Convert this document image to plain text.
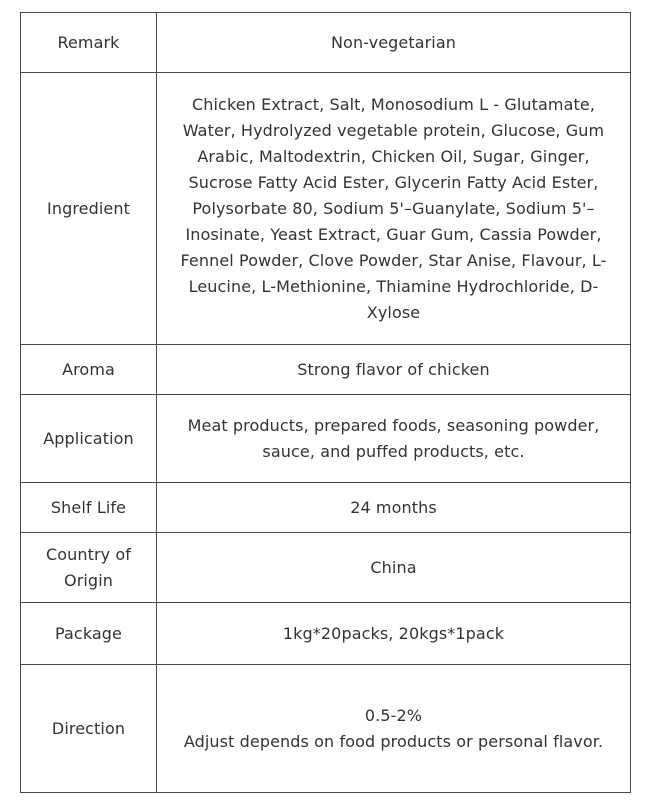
Remark	Non-vegetarian
Ingredient	Chicken Extract, Salt, Monosodium L - Glutamate, Water, Hydrolyzed vegetable protein, Glucose, Gum Arabic, Maltodextrin, Chicken Oil, Sugar, Ginger, Sucrose Fatty Acid Ester, Glycerin Fatty Acid Ester, Polysorbate 80, Sodium 5'–Guanylate, Sodium 5'–Inosinate, Yeast Extract, Guar Gum, Cassia Powder, Fennel Powder, Clove Powder, Star Anise, Flavour, L-Leucine, L-Methionine, Thiamine Hydrochloride, D-Xylose
Aroma	Strong flavor of chicken
Application	Meat products, prepared foods, seasoning powder, sauce, and puffed products, etc.
Shelf Life	24 months
Country of Origin	China
Package	1kg*20packs, 20kgs*1pack
Direction	0.5-2%
Adjust depends on food products or personal flavor.
